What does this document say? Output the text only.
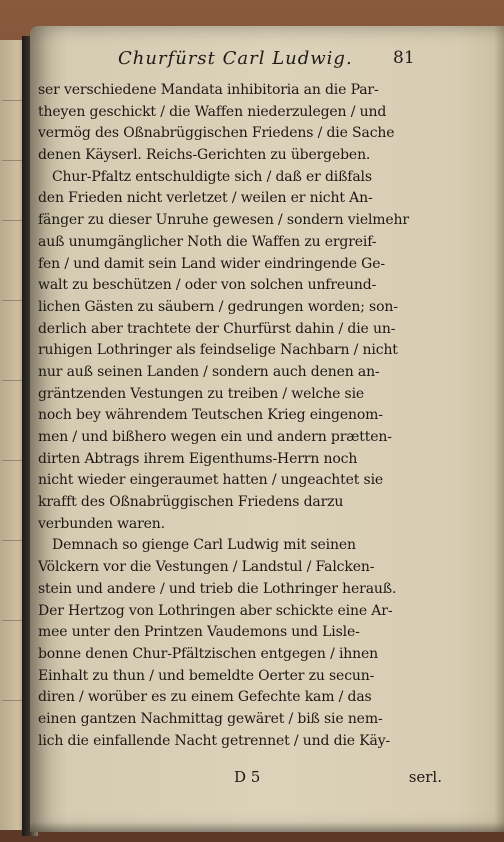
Churfürst Carl Ludwig. 81
ser verschiedene Mandata inhibitoria an die Par-
theyen geschickt / die Waffen niederzulegen / und
vermög des Oßnabrüggischen Friedens / die Sache
denen Käyserl. Reichs-Gerichten zu übergeben.
Chur-Pfaltz entschuldigte sich / daß er dißfals
den Frieden nicht verletzet / weilen er nicht An-
fänger zu dieser Unruhe gewesen / sondern vielmehr
auß unumgänglicher Noth die Waffen zu ergreif-
fen / und damit sein Land wider eindringende Ge-
walt zu beschützen / oder von solchen unfreund-
lichen Gästen zu säubern / gedrungen worden; son-
derlich aber trachtete der Churfürst dahin / die un-
ruhigen Lothringer als feindselige Nachbarn / nicht
nur auß seinen Landen / sondern auch denen an-
gräntzenden Vestungen zu treiben / welche sie
noch bey währendem Teutschen Krieg eingenom-
men / und bißhero wegen ein und andern prætten-
dirten Abtrags ihrem Eigenthums-Herrn noch
nicht wieder eingeraumet hatten / ungeachtet sie
krafft des Oßnabrüggischen Friedens darzu
verbunden waren.
Demnach so gienge Carl Ludwig mit seinen
Völckern vor die Vestungen / Landstul / Falcken-
stein und andere / und trieb die Lothringer herauß.
Der Hertzog von Lothringen aber schickte eine Ar-
mee unter den Printzen Vaudemons und Lisle-
bonne denen Chur-Pfältzischen entgegen / ihnen
Einhalt zu thun / und bemeldte Oerter zu secun-
diren / worüber es zu einem Gefechte kam / das
einen gantzen Nachmittag gewäret / biß sie nem-
lich die einfallende Nacht getrennet / und die Käy-
D 5	serl.
